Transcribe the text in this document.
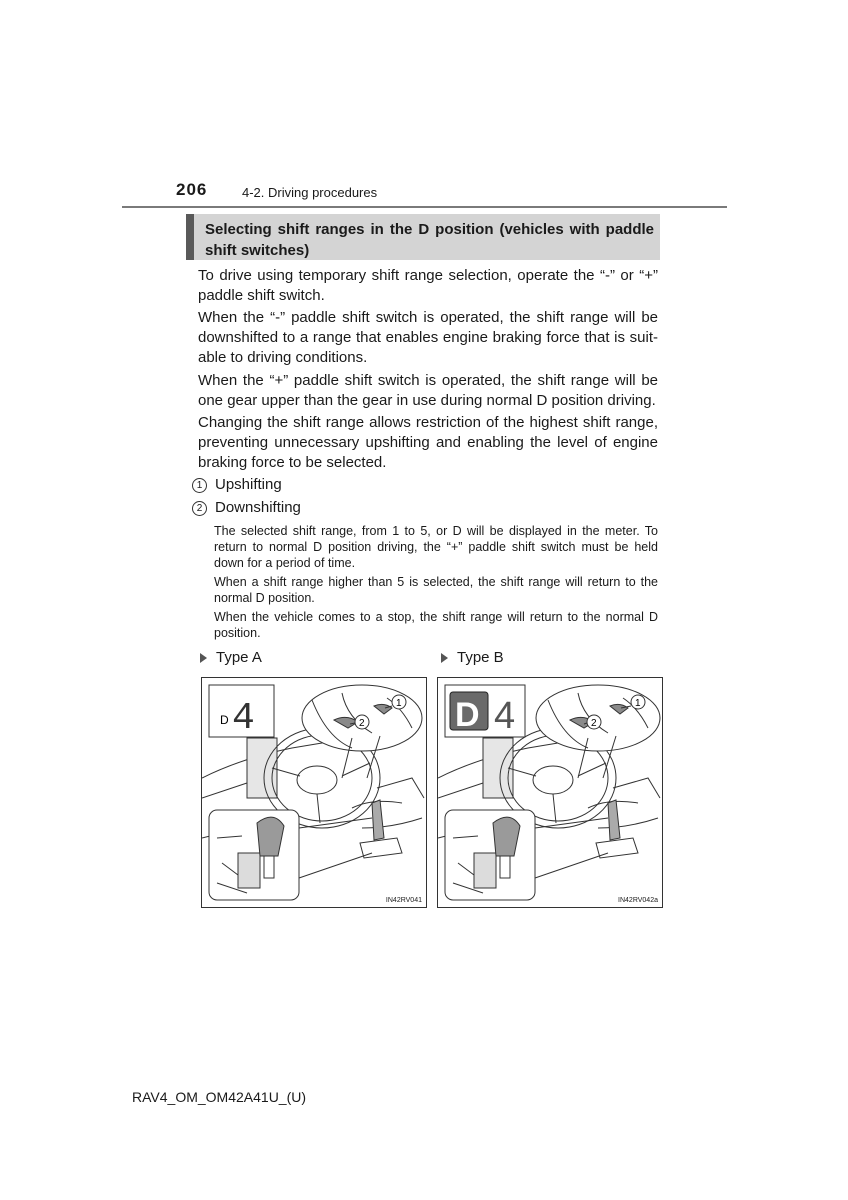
206	4-2. Driving procedures
Selecting shift ranges in the D position (vehicles with paddle shift switches)

To drive using temporary shift range selection, operate the “-” or “+” paddle shift switch.

When the “-” paddle shift switch is operated, the shift range will be downshifted to a range that enables engine braking force that is suit-able to driving conditions.

When the “+” paddle shift switch is operated, the shift range will be one gear upper than the gear in use during normal D position driving.

Changing the shift range allows restriction of the highest shift range, preventing unnecessary upshifting and enabling the level of engine braking force to be selected.

1 Upshifting
2 Downshifting

The selected shift range, from 1 to 5, or D will be displayed in the meter. To return to normal D position driving, the “+” paddle shift switch must be held down for a period of time.

When a shift range higher than 5 is selected, the shift range will return to the normal D position.

When the vehicle comes to a stop, the shift range will return to the normal D position.

Type A	Type B
D 4	1
2
IN42RV041
D 4	1
2
IN42RV042a
RAV4_OM_OM42A41U_(U)
